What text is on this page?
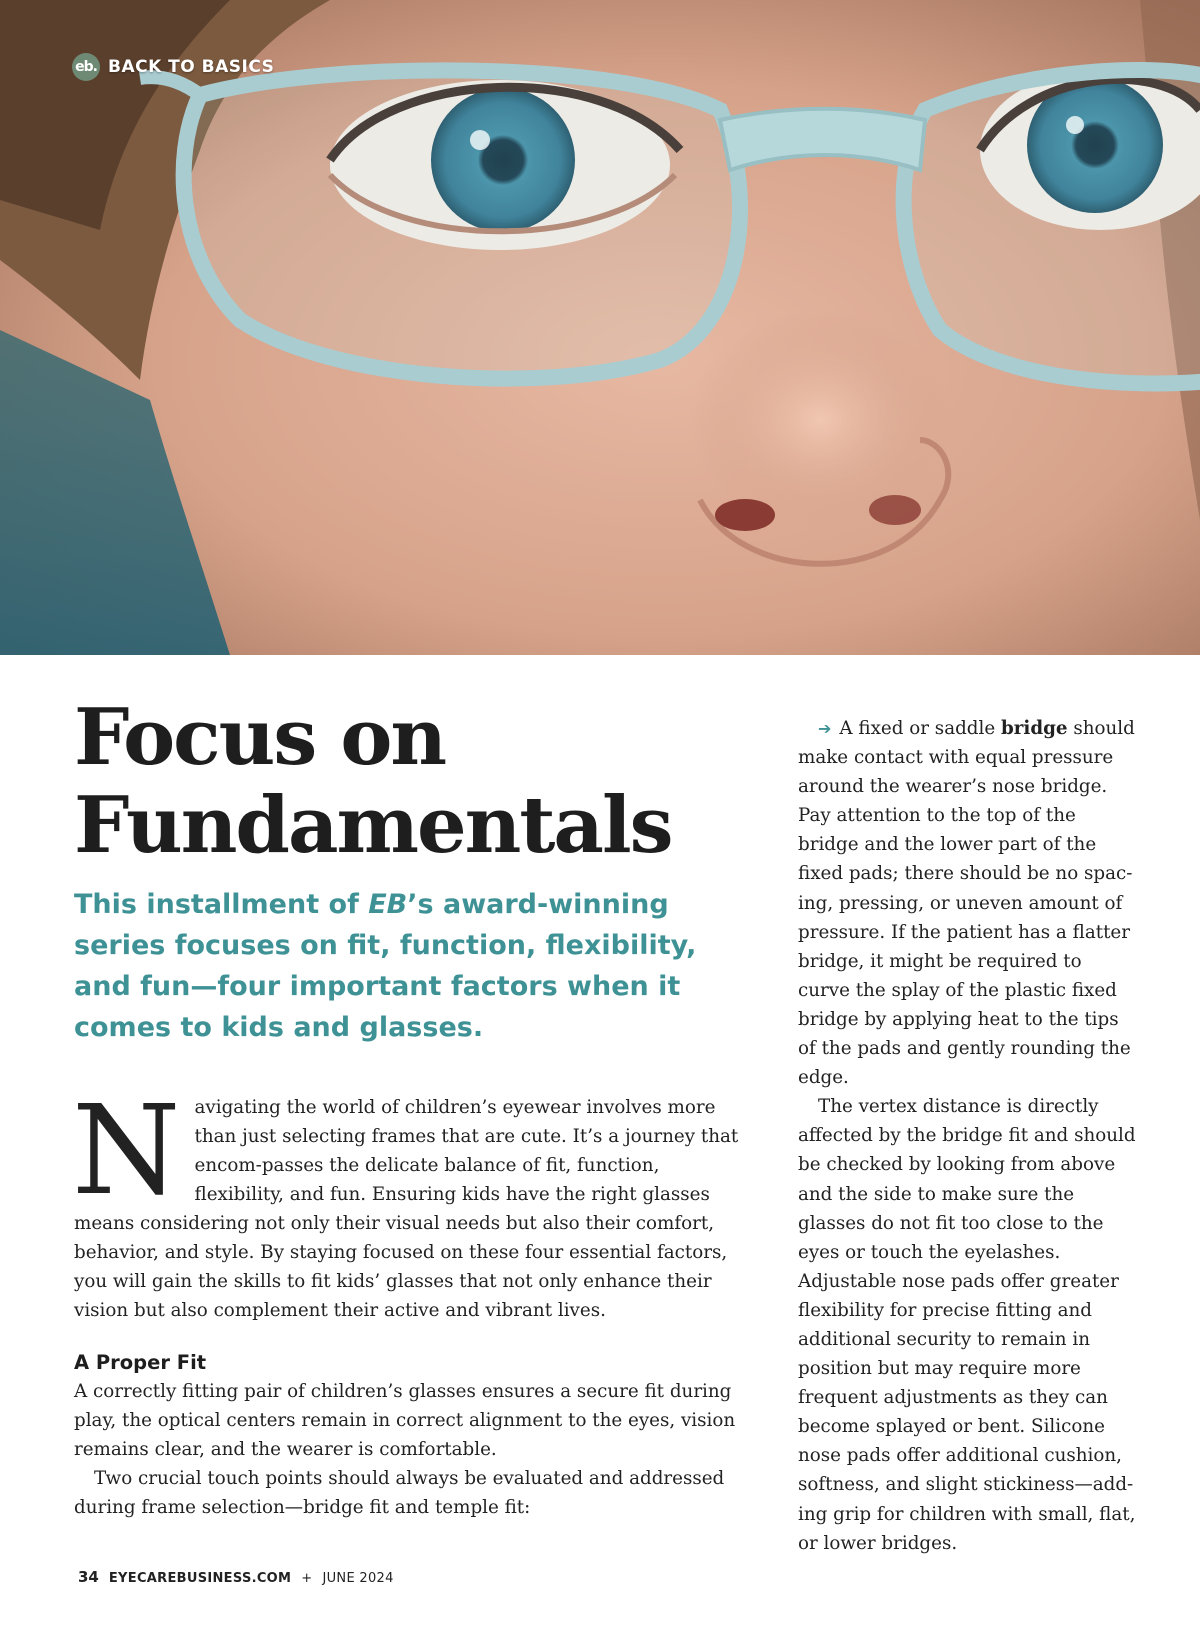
eb. BACK TO BASICS
Focus on
Fundamentals

This installment of EB’s award-winning series focuses on fit, function, flexibility, and fun—four important factors when it comes to kids and glasses.

Navigating the world of children’s eyewear involves more than just selecting frames that are cute. It’s a journey that encom-passes the delicate balance of fit, function, flexibility, and fun. Ensuring kids have the right glasses means considering not only their visual needs but also their comfort, behavior, and style. By staying focused on these four essential factors, you will gain the skills to fit kids’ glasses that not only enhance their vision but also complement their active and vibrant lives.

A Proper Fit

A correctly fitting pair of children’s glasses ensures a secure fit during play, the optical centers remain in correct alignment to the eyes, vision remains clear, and the wearer is comfortable.

Two crucial touch points should always be evaluated and addressed during frame selection—bridge fit and temple fit:

➔ A fixed or saddle bridge should make contact with equal pressure around the wearer’s nose bridge. Pay attention to the top of the bridge and the lower part of the fixed pads; there should be no spac-ing, pressing, or uneven amount of pressure. If the patient has a flatter bridge, it might be required to curve the splay of the plastic fixed bridge by applying heat to the tips of the pads and gently rounding the edge.

The vertex distance is directly affected by the bridge fit and should be checked by looking from above and the side to make sure the glasses do not fit too close to the eyes or touch the eyelashes. Adjustable nose pads offer greater flexibility for precise fitting and additional security to remain in position but may require more frequent adjustments as they can become splayed or bent. Silicone nose pads offer additional cushion, softness, and slight stickiness—add-ing grip for children with small, flat, or lower bridges.

34 EYECAREBUSINESS.COM + JUNE 2024
